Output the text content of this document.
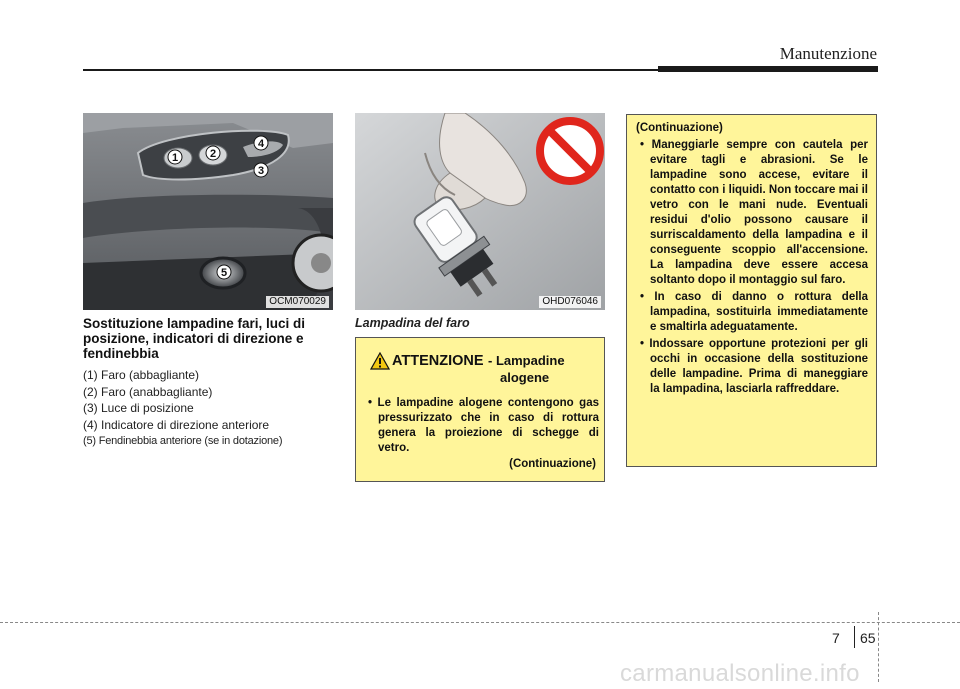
Manutenzione
1	2
3
4
5
OCM070029	OHD076046
Sostituzione lampadine fari, luci di posizione, indicatori di direzione e fendinebbia
(1) Faro (abbagliante)
(2) Faro (anabbagliante)
(3) Luce di posizione
(4) Indicatore di direzione anteriore
(5) Fendinebbia anteriore (se in dotazione)
Lampadina del faro
ATTENZIONE - Lampadine
alogene
• Le lampadine alogene contengono gas pressurizzato che in caso di rottura genera la proiezione di schegge di vetro.
(Continuazione)
(Continuazione)
• Maneggiarle sempre con cautela per evitare tagli e abrasioni. Se le lampadine sono accese, evitare il contatto con i liquidi. Non toccare mai il vetro con le mani nude. Eventuali residui d'olio possono causare il surriscaldamento della lampadina e il conseguente scoppio all'accensione. La lampadina deve essere accesa soltanto dopo il montaggio sul faro.
• In caso di danno o rottura della lampadina, sostituirla immediatamente e smaltirla adeguatamente.
• Indossare opportune protezioni per gli occhi in occasione della sostituzione delle lampadine. Prima di maneggiare la lampadina, lasciarla raffreddare.
7 65
carmanualsonline.info
